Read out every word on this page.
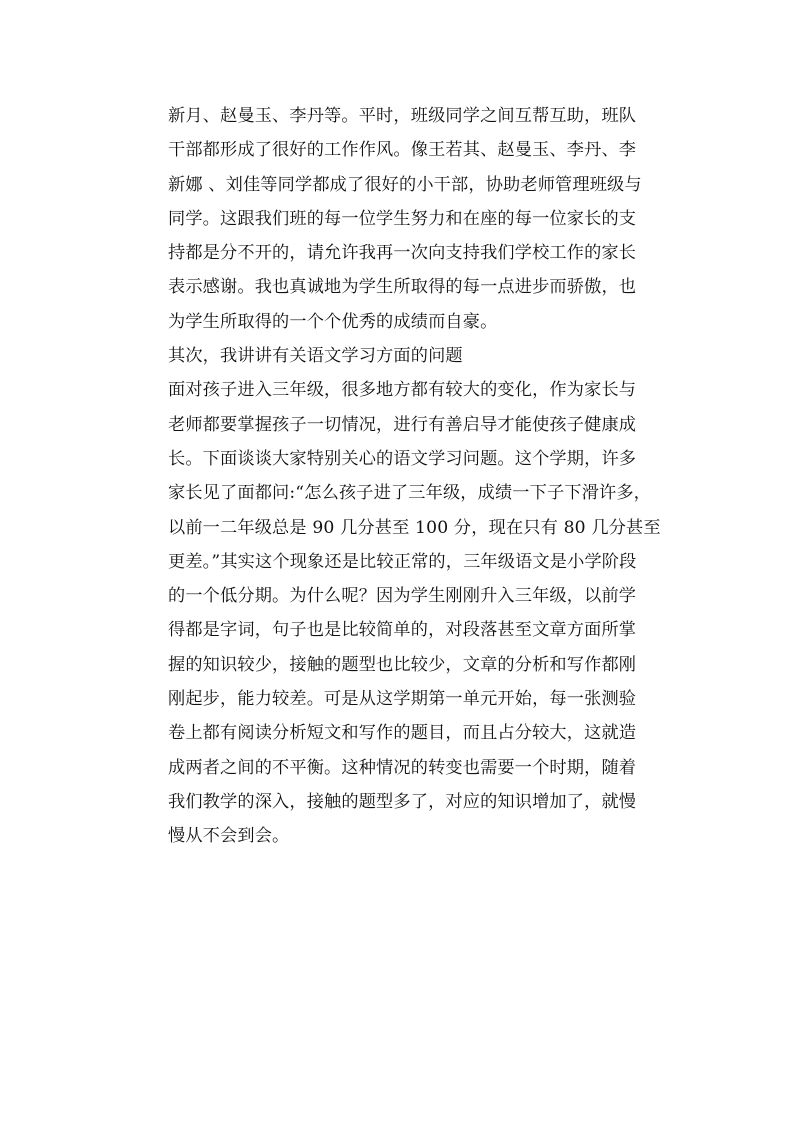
新月、赵曼玉、李丹等。平时，班级同学之间互帮互助，班队
干部都形成了很好的工作作风。像王若其、赵曼玉、李丹、李
新娜 、刘佳等同学都成了很好的小干部，协助老师管理班级与
同学。这跟我们班的每一位学生努力和在座的每一位家长的支
持都是分不开的，请允许我再一次向支持我们学校工作的家长
表示感谢。我也真诚地为学生所取得的每一点进步而骄傲，也
为学生所取得的一个个优秀的成绩而自豪。
其次，我讲讲有关语文学习方面的问题
面对孩子进入三年级，很多地方都有较大的变化，作为家长与
老师都要掌握孩子一切情况，进行有善启导才能使孩子健康成
长。下面谈谈大家特别关心的语文学习问题。这个学期，许多
家长见了面都问:“怎么孩子进了三年级，成绩一下子下滑许多，
以前一二年级总是 90 几分甚至 100 分，现在只有 80 几分甚至
更差。”其实这个现象还是比较正常的，三年级语文是小学阶段
的一个低分期。为什么呢？因为学生刚刚升入三年级，以前学
得都是字词，句子也是比较简单的，对段落甚至文章方面所掌
握的知识较少，接触的题型也比较少，文章的分析和写作都刚
刚起步，能力较差。可是从这学期第一单元开始，每一张测验
卷上都有阅读分析短文和写作的题目，而且占分较大，这就造
成两者之间的不平衡。这种情况的转变也需要一个时期，随着
我们教学的深入，接触的题型多了，对应的知识增加了，就慢
慢从不会到会。
